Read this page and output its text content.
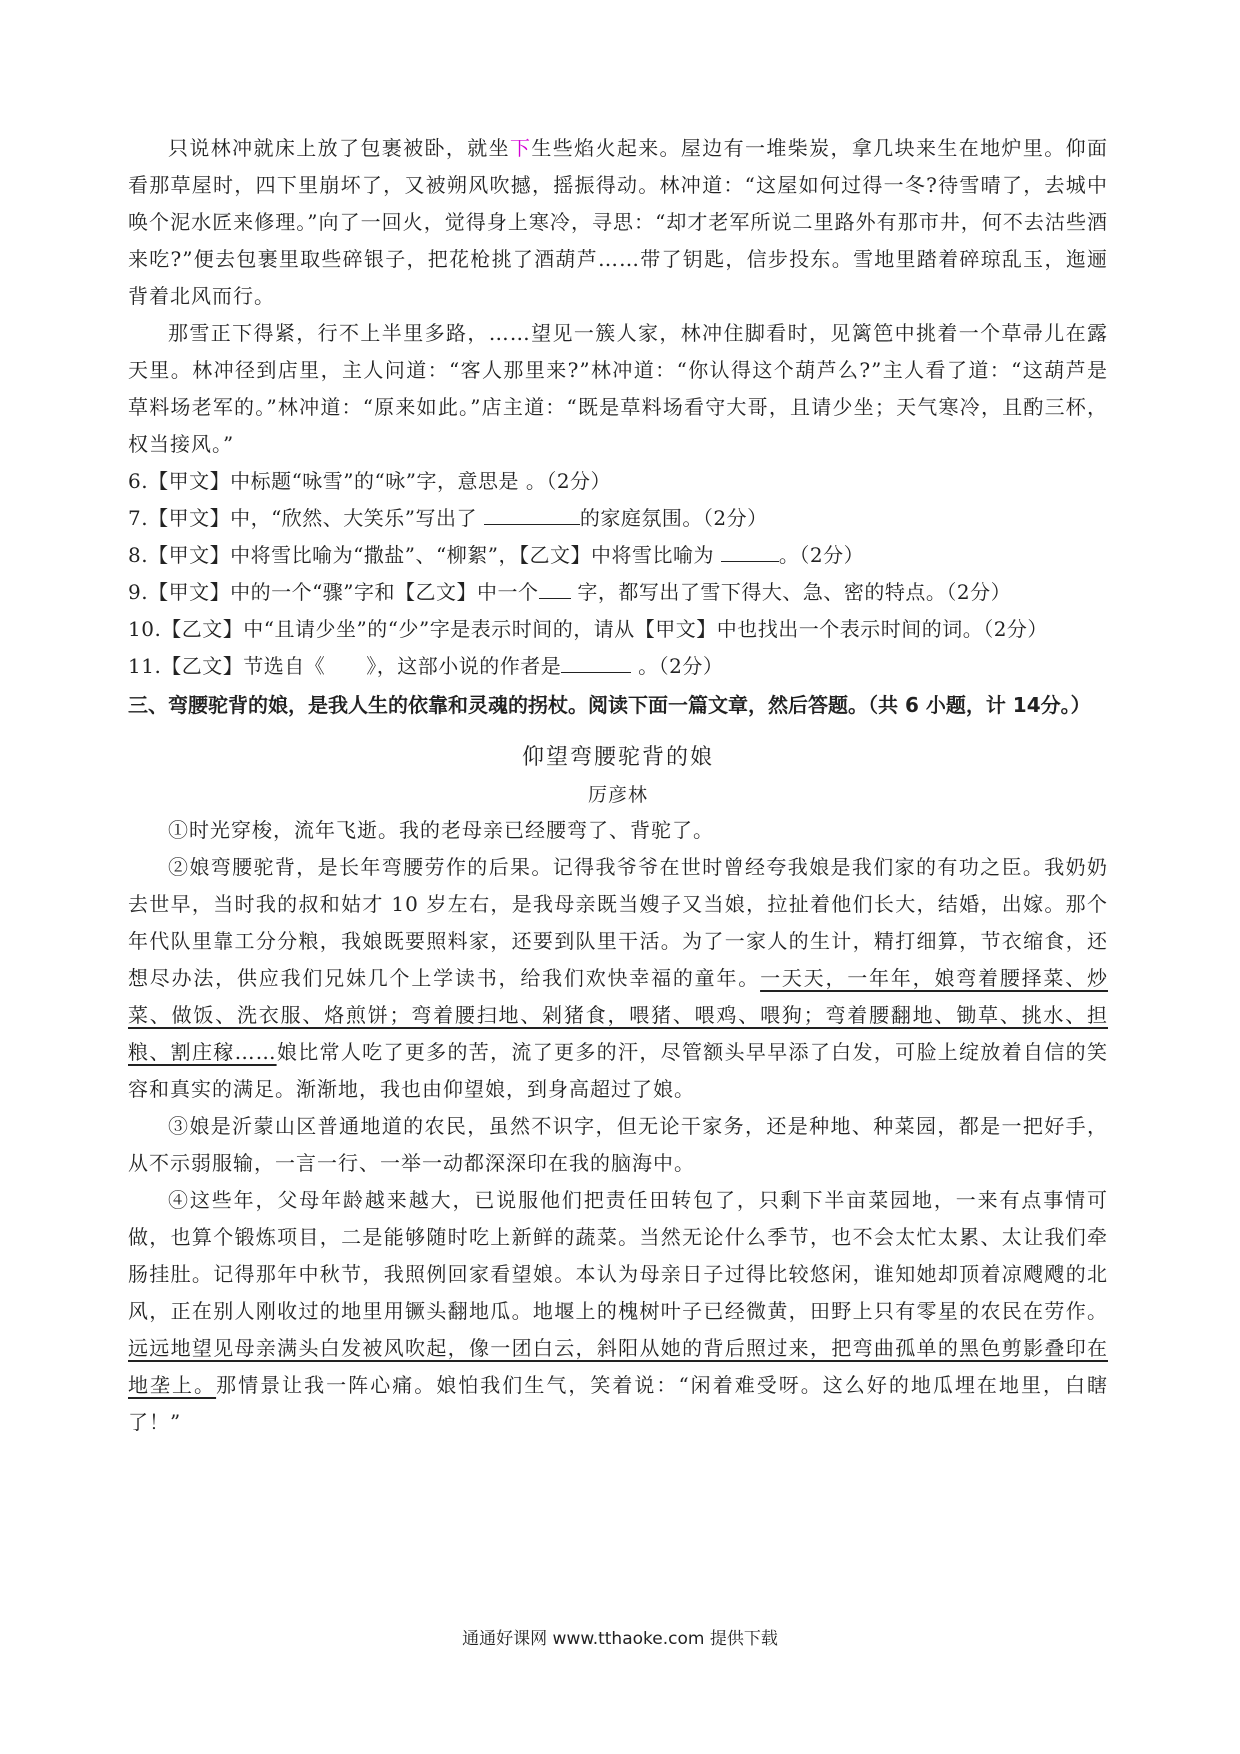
只说林冲就床上放了包裹被卧，就坐下生些焰火起来。屋边有一堆柴炭，拿几块来生在地炉里。仰面看那草屋时，四下里崩坏了，又被朔风吹撼，摇振得动。林冲道：“这屋如何过得一冬?待雪晴了，去城中唤个泥水匠来修理。”向了一回火，觉得身上寒冷，寻思：“却才老军所说二里路外有那市井，何不去沽些酒来吃?”便去包裹里取些碎银子，把花枪挑了酒葫芦……带了钥匙，信步投东。雪地里踏着碎琼乱玉，迤逦背着北风而行。

那雪正下得紧，行不上半里多路，……望见一簇人家，林冲住脚看时，见篱笆中挑着一个草帚儿在露天里。林冲径到店里，主人问道：“客人那里来?”林冲道：“你认得这个葫芦么?”主人看了道：“这葫芦是草料场老军的。”林冲道：“原来如此。”店主道：“既是草料场看守大哥，且请少坐；天气寒冷，且酌三杯，权当接风。”

6.【甲文】中标题“咏雪”的“咏”字，意思是 。（2分）

7.【甲文】中，“欣然、大笑乐”写出了	的家庭氛围。（2分）

8.【甲文】中将雪比喻为“撒盐”、“柳絮”，【乙文】中将雪比喻为	。（2分）

9.【甲文】中的一个“骤”字和【乙文】中一个 字，都写出了雪下得大、急、密的特点。（2分）

10.【乙文】中“且请少坐”的“少”字是表示时间的，请从【甲文】中也找出一个表示时间的词。（2分）

11.【乙文】节选自《　　》，这部小说的作者是	。（2分）

三、弯腰驼背的娘，是我人生的依靠和灵魂的拐杖。阅读下面一篇文章，然后答题。（共 6 小题，计 14分。）

仰望弯腰驼背的娘

厉彦林

①时光穿梭，流年飞逝。我的老母亲已经腰弯了、背驼了。

②娘弯腰驼背，是长年弯腰劳作的后果。记得我爷爷在世时曾经夸我娘是我们家的有功之臣。我奶奶去世早，当时我的叔和姑才 10 岁左右，是我母亲既当嫂子又当娘，拉扯着他们长大，结婚，出嫁。那个年代队里靠工分分粮，我娘既要照料家，还要到队里干活。为了一家人的生计，精打细算，节衣缩食，还想尽办法，供应我们兄妹几个上学读书，给我们欢快幸福的童年。一天天，一年年，娘弯着腰择菜、炒菜、做饭、洗衣服、烙煎饼；弯着腰扫地、剁猪食，喂猪、喂鸡、喂狗；弯着腰翻地、锄草、挑水、担粮、割庄稼……娘比常人吃了更多的苦，流了更多的汗，尽管额头早早添了白发，可脸上绽放着自信的笑容和真实的满足。渐渐地，我也由仰望娘，到身高超过了娘。

③娘是沂蒙山区普通地道的农民，虽然不识字，但无论干家务，还是种地、种菜园，都是一把好手，从不示弱服输，一言一行、一举一动都深深印在我的脑海中。

④这些年，父母年龄越来越大，已说服他们把责任田转包了，只剩下半亩菜园地，一来有点事情可做，也算个锻炼项目，二是能够随时吃上新鲜的蔬菜。当然无论什么季节，也不会太忙太累、太让我们牵肠挂肚。记得那年中秋节，我照例回家看望娘。本认为母亲日子过得比较悠闲，谁知她却顶着凉飕飕的北风，正在别人刚收过的地里用镢头翻地瓜。地堰上的槐树叶子已经微黄，田野上只有零星的农民在劳作。远远地望见母亲满头白发被风吹起，像一团白云，斜阳从她的背后照过来，把弯曲孤单的黑色剪影叠印在地垄上。那情景让我一阵心痛。娘怕我们生气，笑着说：“闲着难受呀。这么好的地瓜埋在地里，白瞎了！”

通通好课网 www.tthaoke.com 提供下载
